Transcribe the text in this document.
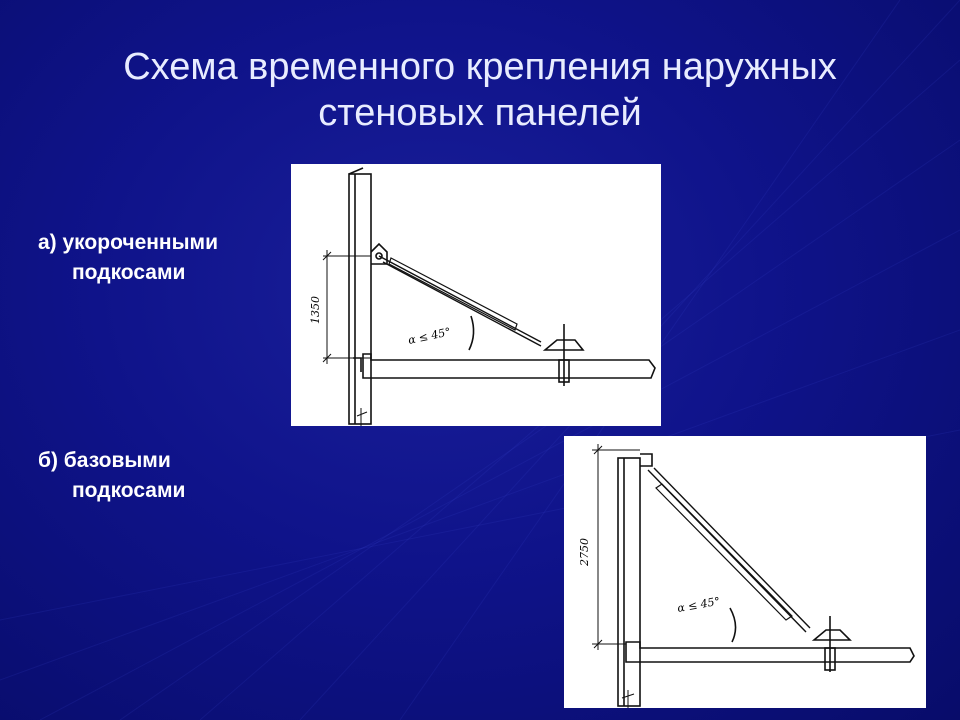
Схема временного крепления наружных
стеновых панелей
а) укороченными
подкосами
б) базовыми
подкосами
1350
α ≤ 45°
2750
α ≤ 45°
